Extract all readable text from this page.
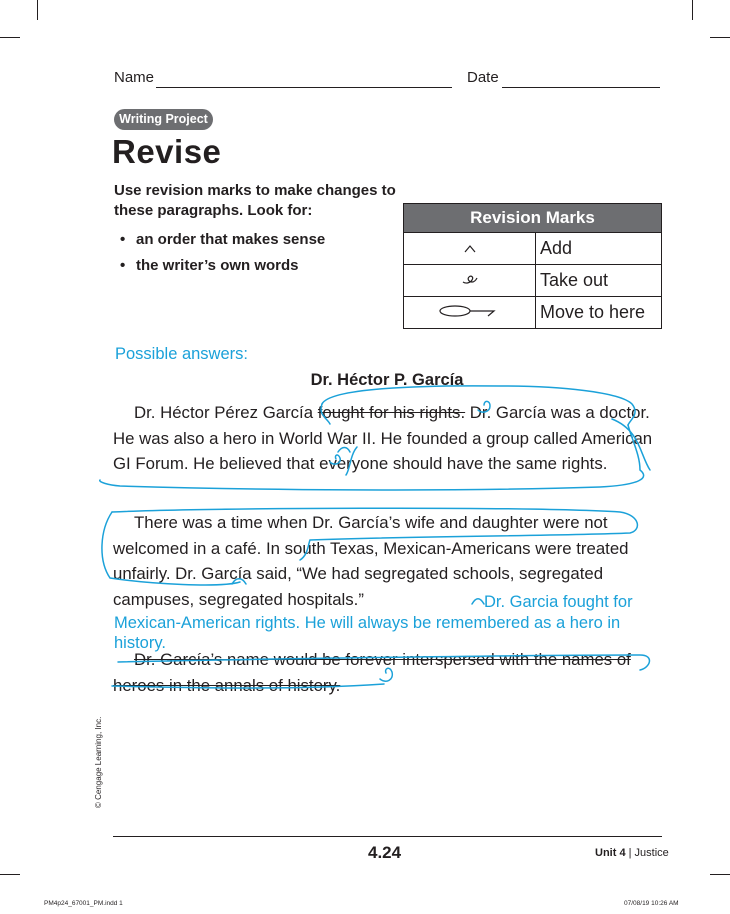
Name	Date
Writing Project
Revise
Use revision marks to make changes to these paragraphs. Look for:
• an order that makes sense
• the writer’s own words
Revision Marks	
	Add
	Take out
	Move to here
Possible answers:
Dr. Héctor P. García
Dr. Héctor Pérez García fought for his rights. Dr. García was a doctor. He was also a hero in World War II. He founded a group called American GI Forum. He believed that everyone should have the same rights.
There was a time when Dr. García’s wife and daughter were not welcomed in a café. In south Texas, Mexican-Americans were treated unfairly. Dr. García said, “We had segregated schools, segregated campuses, segregated hospitals.”	Dr. Garcia fought for Mexican-American rights. He will always be remembered as a hero in history.
Dr. García’s name would be forever interspersed with the names of heroes in the annals of history.
© Cengage Learning, Inc.
4.24	Unit 4 | Justice
PM4p24_67001_PM.indd 1	07/08/19 10:26 AM
